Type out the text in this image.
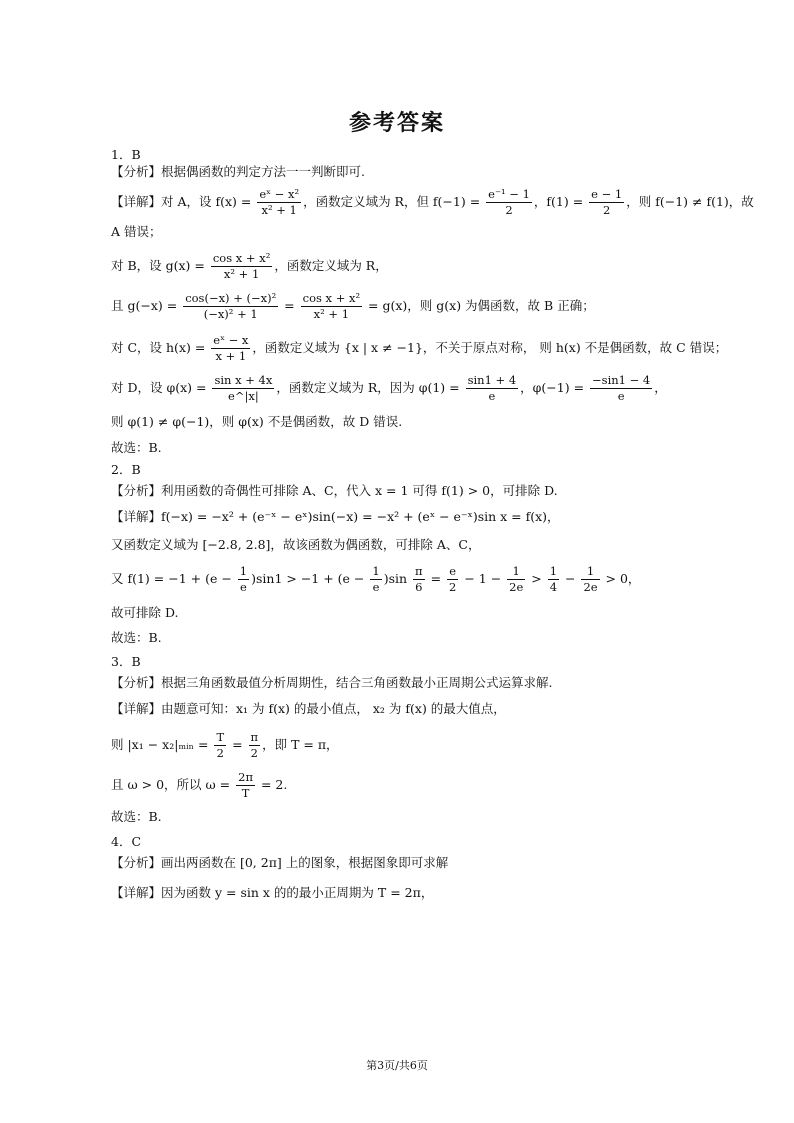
参考答案
1．B
【分析】根据偶函数的判定方法一一判断即可.
【详解】对 A，设 $f(x) = \frac{\text{eˣ − x²}}{\text{x² + 1}}$ ，函数定义域为 R，但 $f(-1) = \frac{\text{e⁻¹ − 1}}{2}$ ，$f(1) = \frac{e - 1}{2}$ ，则 f(−1) ≠ f(1)，故
A 错误；
对 B，设 $g(x) = \frac{\text{cos x + x²}}{\text{x² + 1}}$ ，函数定义域为 R，
且 $g(-x) = \frac{\text{cos(−x) + (−x)²}}{\text{(−x)² + 1}} = \frac{\text{cos x + x²}}{\text{x² + 1}} = g(x)$，则 g(x) 为偶函数，故 B 正确；
对 C，设 $h(x) = \frac{\text{eˣ − x}}{x + 1}$ ，函数定义域为 {x | x ≠ −1}，不关于原点对称， 则 h(x) 不是偶函数，故 C 错误；
对 D，设 $\varphi(x) = \frac{\text{sin x + 4x}}{e\^{}|x|}$ ，函数定义域为 R，因为 $\varphi(1) = \frac{\sin 1 + 4}{e}$ ，$\varphi(-1) = \frac{-\sin 1 - 4}{e}$ ，
则 φ(1) ≠ φ(−1)，则 φ(x) 不是偶函数，故 D 错误.
故选：B.
2．B
【分析】利用函数的奇偶性可排除 A、C，代入 x = 1 可得 f(1) > 0，可排除 D.
【详解】f(−x) = −x² + (e⁻ˣ − eˣ)sin(−x) = −x² + (eˣ − e⁻ˣ)sin x = f(x)，
又函数定义域为 [−2.8, 2.8]，故该函数为偶函数，可排除 A、C，
又 $f(1) = -1 + (e - \frac{1}{e} )\sin 1 > -1 + (e - \frac{1}{e} )\sin \frac{\pi}{6} = \frac{e}{2} - 1 - \frac{1}{2e} > \frac{1}{4} - \frac{1}{2e} > 0$，
故可排除 D.
故选：B.
3．B
【分析】根据三角函数最值分析周期性，结合三角函数最小正周期公式运算求解.
【详解】由题意可知：x₁ 为 f(x) 的最小值点， x₂ 为 f(x) 的最大值点，
则 |x₁ − x₂|ₘᵢₙ = $\frac{T}{2} = \frac{\pi}{2}$ ，即 T = π，
且 ω > 0，所以 $\omega = \frac{2\pi}{T} = 2$.
故选：B.
4．C
【分析】画出两函数在 [0, 2π] 上的图象，根据图象即可求解
【详解】因为函数 y = sin x 的的最小正周期为 T = 2π，
第3页/共6页
